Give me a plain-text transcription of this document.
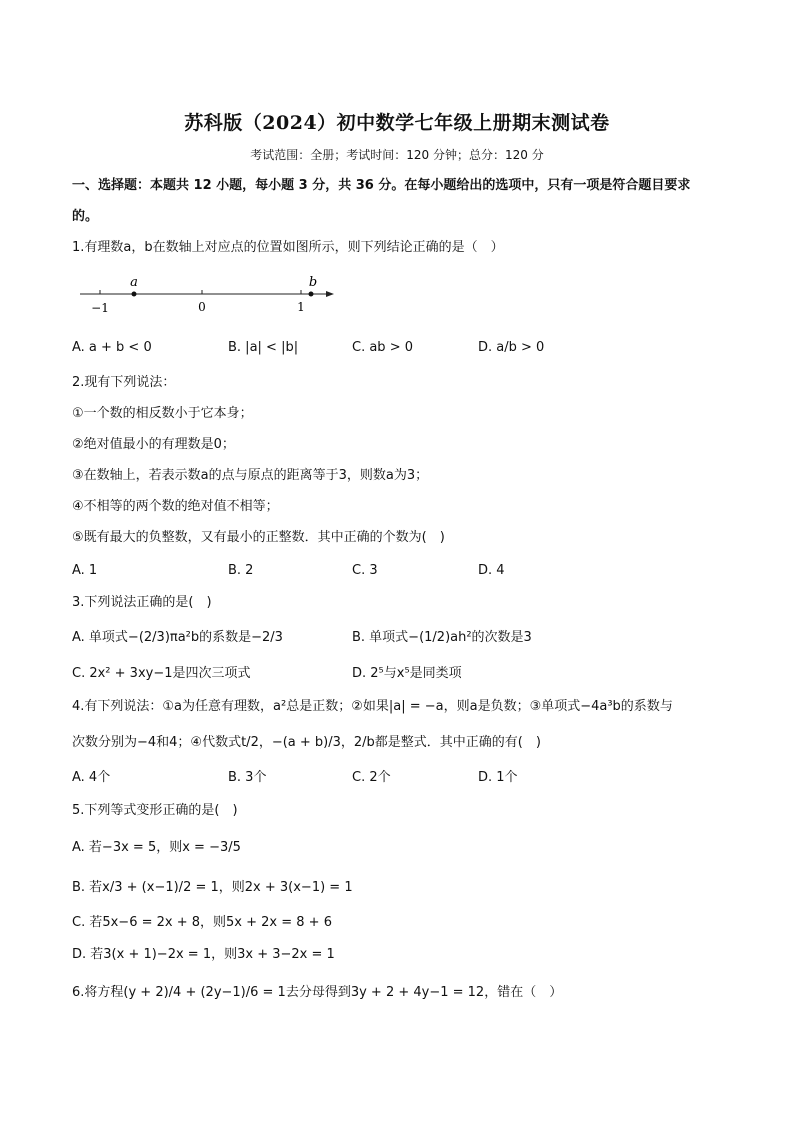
苏科版（2024）初中数学七年级上册期末测试卷
考试范围：全册；考试时间：120 分钟；总分：120 分
一、选择题：本题共 12 小题，每小题 3 分，共 36 分。在每小题给出的选项中，只有一项是符合题目要求
的。
1.有理数a，b在数轴上对应点的位置如图所示，则下列结论正确的是（　）
a	b
−1	0	1
A. a + b < 0	B. |a| < |b|	C. ab > 0	D. a/b > 0
2.现有下列说法：
①一个数的相反数小于它本身；
②绝对值最小的有理数是0；
③在数轴上，若表示数a的点与原点的距离等于3，则数a为3；
④不相等的两个数的绝对值不相等；
⑤既有最大的负整数，又有最小的正整数．其中正确的个数为(　)
A. 1	B. 2	C. 3	D. 4
3.下列说法正确的是(　)
A. 单项式−(2/3)πa²b的系数是−2/3	B. 单项式−(1/2)ah²的次数是3
C. 2x² + 3xy−1是四次三项式	D. 2⁵与x⁵是同类项
4.有下列说法：①a为任意有理数，a²总是正数；②如果|a| = −a，则a是负数；③单项式−4a³b的系数与
次数分别为−4和4；④代数式t/2，−(a + b)/3，2/b都是整式．其中正确的有(　)
A. 4个	B. 3个	C. 2个	D. 1个
5.下列等式变形正确的是(　)
A. 若−3x = 5，则x = −3/5
B. 若x/3 + (x−1)/2 = 1，则2x + 3(x−1) = 1
C. 若5x−6 = 2x + 8，则5x + 2x = 8 + 6
D. 若3(x + 1)−2x = 1，则3x + 3−2x = 1
6.将方程(y + 2)/4 + (2y−1)/6 = 1去分母得到3y + 2 + 4y−1 = 12，错在（　）
